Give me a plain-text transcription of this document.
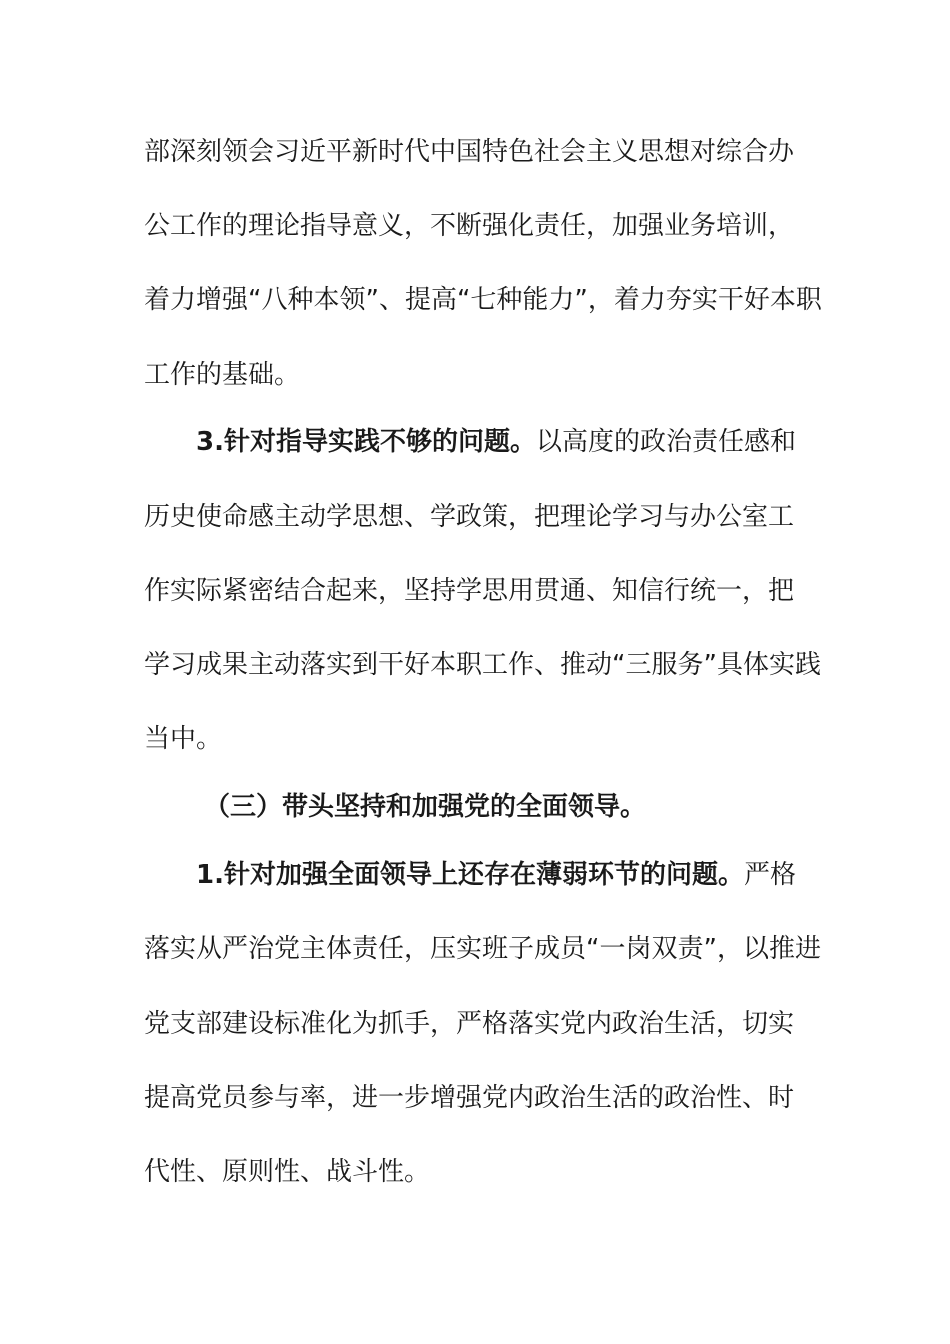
部深刻领会习近平新时代中国特色社会主义思想对综合办
公工作的理论指导意义，不断强化责任，加强业务培训，
着力增强“八种本领”、提高“七种能力”，着力夯实干好本职
工作的基础。
3.针对指导实践不够的问题。以高度的政治责任感和
历史使命感主动学思想、学政策，把理论学习与办公室工
作实际紧密结合起来，坚持学思用贯通、知信行统一，把
学习成果主动落实到干好本职工作、推动“三服务”具体实践
当中。
（三）带头坚持和加强党的全面领导。
1.针对加强全面领导上还存在薄弱环节的问题。严格
落实从严治党主体责任，压实班子成员“一岗双责”，以推进
党支部建设标准化为抓手，严格落实党内政治生活，切实
提高党员参与率，进一步增强党内政治生活的政治性、时
代性、原则性、战斗性。
